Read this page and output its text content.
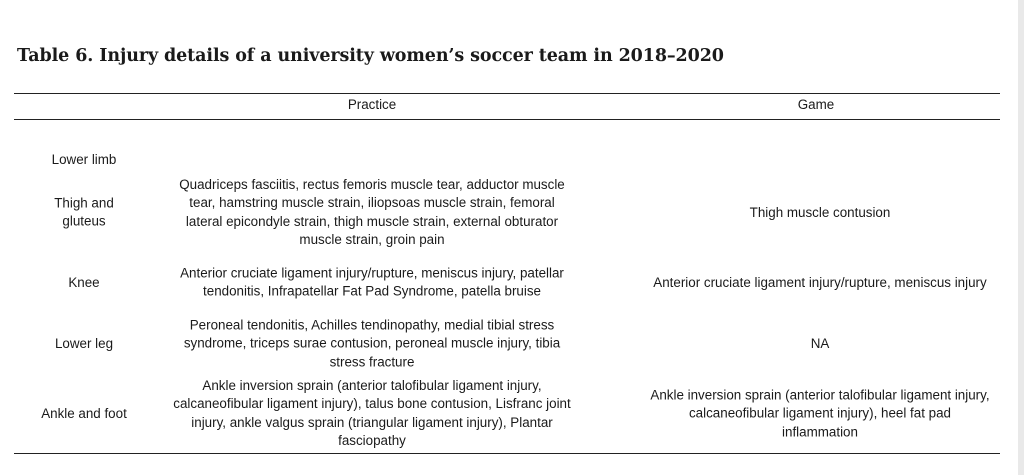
Table 6. Injury details of a university women’s soccer team in 2018–2020
Practice	Game
Lower limb
Thigh and gluteus
Quadriceps fasciitis, rectus femoris muscle tear, adductor muscle tear, hamstring muscle strain, iliopsoas muscle strain, femoral lateral epicondyle strain, thigh muscle strain, external obturator muscle strain, groin pain
Thigh muscle contusion
Knee
Anterior cruciate ligament injury/rupture, meniscus injury, patellar tendonitis, Infrapatellar Fat Pad Syndrome, patella bruise
Anterior cruciate ligament injury/rupture, meniscus injury
Lower leg
Peroneal tendonitis, Achilles tendinopathy, medial tibial stress syndrome, triceps surae contusion, peroneal muscle injury, tibia stress fracture
NA
Ankle and foot
Ankle inversion sprain (anterior talofibular ligament injury, calcaneofibular ligament injury), talus bone contusion, Lisfranc joint injury, ankle valgus sprain (triangular ligament injury), Plantar fasciopathy
Ankle inversion sprain (anterior talofibular ligament injury, calcaneofibular ligament injury), heel fat pad inflammation
